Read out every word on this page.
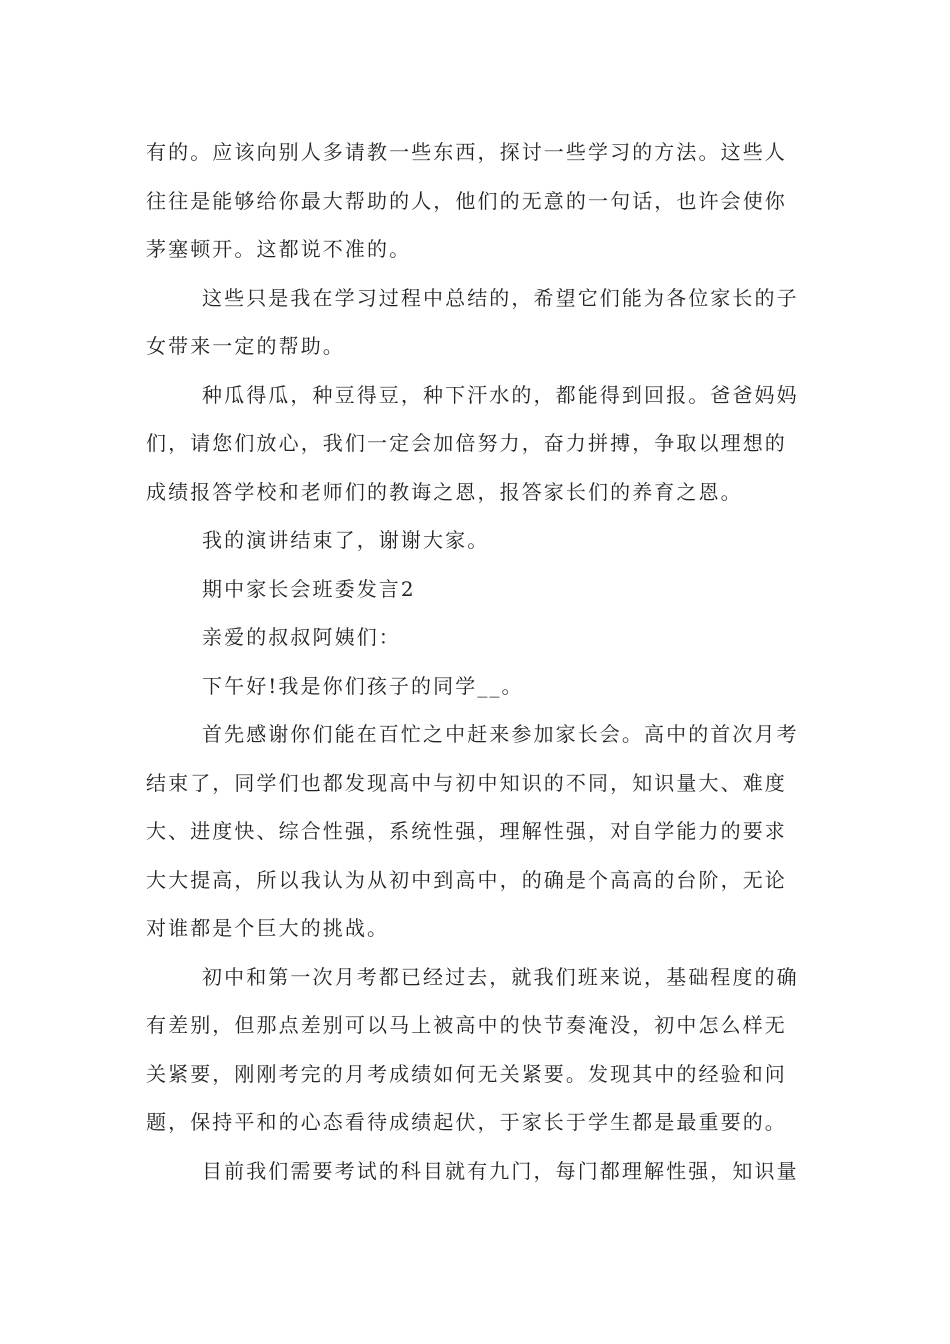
有的。应该向别人多请教一些东西，探讨一些学习的方法。这些人
往往是能够给你最大帮助的人，他们的无意的一句话，也许会使你
茅塞顿开。这都说不准的。
这些只是我在学习过程中总结的，希望它们能为各位家长的子
女带来一定的帮助。
种瓜得瓜，种豆得豆，种下汗水的，都能得到回报。爸爸妈妈
们，请您们放心，我们一定会加倍努力，奋力拼搏，争取以理想的
成绩报答学校和老师们的教诲之恩，报答家长们的养育之恩。
我的演讲结束了，谢谢大家。
期中家长会班委发言2
亲爱的叔叔阿姨们：
下午好!我是你们孩子的同学__。
首先感谢你们能在百忙之中赶来参加家长会。高中的首次月考
结束了，同学们也都发现高中与初中知识的不同，知识量大、难度
大、进度快、综合性强，系统性强，理解性强，对自学能力的要求
大大提高，所以我认为从初中到高中，的确是个高高的台阶，无论
对谁都是个巨大的挑战。
初中和第一次月考都已经过去，就我们班来说，基础程度的确
有差别，但那点差别可以马上被高中的快节奏淹没，初中怎么样无
关紧要，刚刚考完的月考成绩如何无关紧要。发现其中的经验和问
题，保持平和的心态看待成绩起伏，于家长于学生都是最重要的。
目前我们需要考试的科目就有九门，每门都理解性强，知识量
